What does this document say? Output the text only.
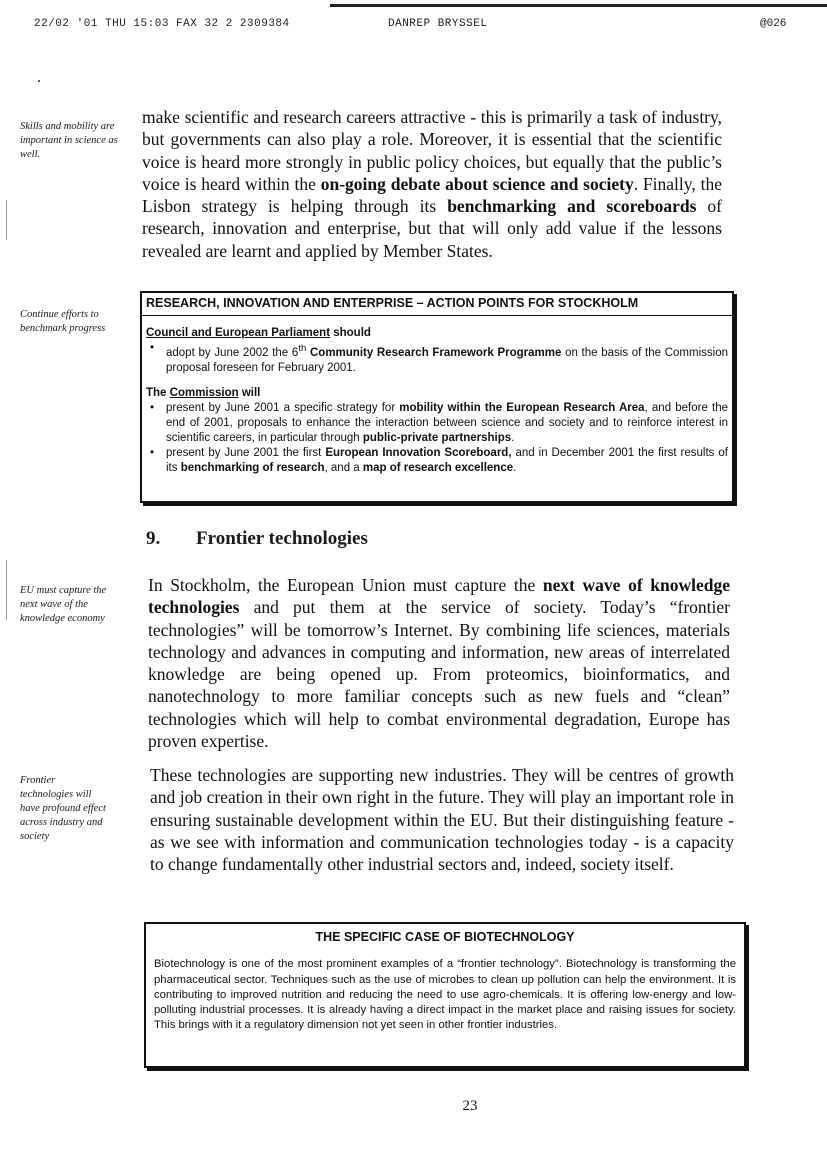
22/02 '01 THU 15:03 FAX 32 2 2309384	DANREP BRYSSEL	@026
Skills and mobility are important in science as well.
Continue efforts to benchmark progress
EU must capture the next wave of the knowledge economy
Frontier technologies will have profound effect across industry and society

make scientific and research careers attractive - this is primarily a task of industry, but governments can also play a role. Moreover, it is essential that the scientific voice is heard more strongly in public policy choices, but equally that the public’s voice is heard within the on-going debate about science and society. Finally, the Lisbon strategy is helping through its benchmarking and scoreboards of research, innovation and enterprise, but that will only add value if the lessons revealed are learnt and applied by Member States.

RESEARCH, INNOVATION AND ENTERPRISE – ACTION POINTS FOR STOCKHOLM
Council and European Parliament should
• adopt by June 2002 the 6th Community Research Framework Programme on the basis of the Commission proposal foreseen for February 2001.
The Commission will
• present by June 2001 a specific strategy for mobility within the European Research Area, and before the end of 2001, proposals to enhance the interaction between science and society and to reinforce interest in scientific careers, in particular through public-private partnerships.
• present by June 2001 the first European Innovation Scoreboard, and in December 2001 the first results of its benchmarking of research, and a map of research excellence.
9. Frontier technologies

In Stockholm, the European Union must capture the next wave of knowledge technologies and put them at the service of society. Today’s “frontier technologies” will be tomorrow’s Internet. By combining life sciences, materials technology and advances in computing and information, new areas of interrelated knowledge are being opened up. From proteomics, bioinformatics, and nanotechnology to more familiar concepts such as new fuels and “clean” technologies which will help to combat environmental degradation, Europe has proven expertise.

These technologies are supporting new industries. They will be centres of growth and job creation in their own right in the future. They will play an important role in ensuring sustainable development within the EU. But their distinguishing feature - as we see with information and communication technologies today - is a capacity to change fundamentally other industrial sectors and, indeed, society itself.

THE SPECIFIC CASE OF BIOTECHNOLOGY
Biotechnology is one of the most prominent examples of a “frontier technology”. Biotechnology is transforming the pharmaceutical sector. Techniques such as the use of microbes to clean up pollution can help the environment. It is contributing to improved nutrition and reducing the need to use agro-chemicals. It is offering low-energy and low-polluting industrial processes. It is already having a direct impact in the market place and raising issues for society. This brings with it a regulatory dimension not yet seen in other frontier industries.
23
